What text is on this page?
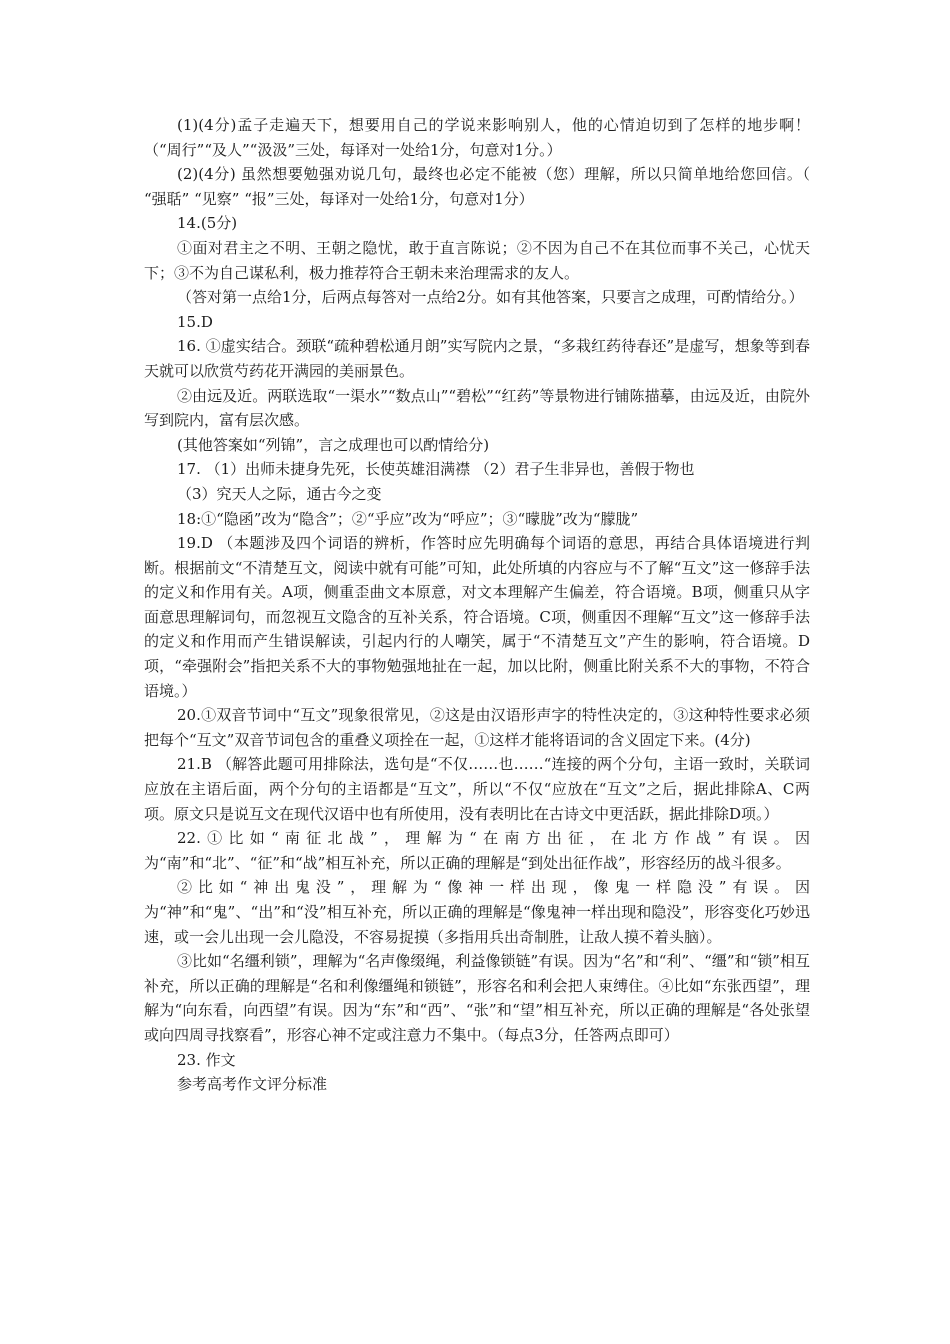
(1)(4分)孟子走遍天下，想要用自己的学说来影响别人，他的心情迫切到了怎样的地步啊！（“周行”“及人”“汲汲”三处，每译对一处给1分，句意对1分。）

(2)(4分) 虽然想要勉强劝说几句，最终也必定不能被（您）理解，所以只简单地给您回信。（ “强聒” “见察” “报”三处，每译对一处给1分，句意对1分）

14.(5分)

①面对君主之不明、王朝之隐忧，敢于直言陈说；②不因为自己不在其位而事不关己，心忧天下；③不为自己谋私利，极力推荐符合王朝未来治理需求的友人。

（答对第一点给1分，后两点每答对一点给2分。如有其他答案，只要言之成理，可酌情给分。）

15.D

16. ①虚实结合。颈联“疏种碧松通月朗”实写院内之景，“多栽红药待春还”是虚写，想象等到春天就可以欣赏芍药花开满园的美丽景色。

②由远及近。两联选取“一渠水”“数点山”“碧松”“红药”等景物进行铺陈描摹，由远及近，由院外写到院内，富有层次感。

(其他答案如“列锦”，言之成理也可以酌情给分)

17. （1）出师未捷身先死，长使英雄泪满襟 （2）君子生非异也，善假于物也

（3）究天人之际，通古今之变

18:①“隐函”改为“隐含”；②“乎应”改为“呼应”；③“曚胧”改为“朦胧”

19.D （本题涉及四个词语的辨析，作答时应先明确每个词语的意思，再结合具体语境进行判断。根据前文“不清楚互文，阅读中就有可能”可知，此处所填的内容应与不了解“互文”这一修辞手法的定义和作用有关。A项，侧重歪曲文本原意，对文本理解产生偏差，符合语境。B项，侧重只从字面意思理解词句，而忽视互文隐含的互补关系，符合语境。C项，侧重因不理解“互文”这一修辞手法的定义和作用而产生错误解读，引起内行的人嘲笑，属于“不清楚互文”产生的影响，符合语境。D项，“牵强附会”指把关系不大的事物勉强地扯在一起，加以比附，侧重比附关系不大的事物，不符合语境。）

20.①双音节词中“互文”现象很常见，②这是由汉语形声字的特性决定的，③这种特性要求必须把每个“互文”双音节词包含的重叠义项拴在一起，①这样才能将语词的含义固定下来。(4分)

21.B （解答此题可用排除法，选句是“不仅……也……“连接的两个分句，主语一致时，关联词应放在主语后面，两个分句的主语都是“互文”，所以“不仅“应放在“互文”之后，据此排除A、C两项。原文只是说互文在现代汉语中也有所使用，没有表明比在古诗文中更活跃，据此排除D项。）

22.①比如“南征北战”，理解为“在南方出征，在北方作战”有误。因为“南”和“北”、“征”和“战”相互补充，所以正确的理解是“到处出征作战”，形容经历的战斗很多。

②比如“神出鬼没”，理解为“像神一样出现，像鬼一样隐没”有误。因为“神”和“鬼”、“出”和“没”相互补充，所以正确的理解是“像鬼神一样出现和隐没”，形容变化巧妙迅速，或一会儿出现一会儿隐没，不容易捉摸（多指用兵出奇制胜，让敌人摸不着头脑）。

③比如“名缰利锁”，理解为“名声像缀绳，利益像锁链”有误。因为“名”和“利”、“缰”和“锁”相互补充，所以正确的理解是“名和利像缰绳和锁链”，形容名和利会把人束缚住。④比如“东张西望”，理解为“向东看，向西望”有误。因为“东”和“西”、“张”和“望”相互补充，所以正确的理解是“各处张望或向四周寻找察看”，形容心神不定或注意力不集中。（每点3分，任答两点即可）

23. 作文

参考高考作文评分标准
